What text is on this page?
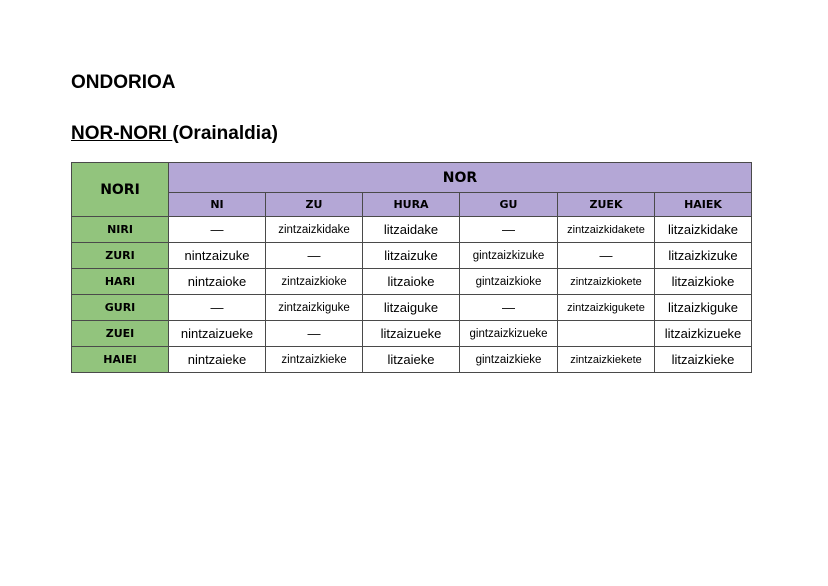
ONDORIOA
NOR-NORI (Orainaldia)
NORI	NOR					
	NI	ZU	HURA	GU	ZUEK	HAIEK
NIRI	—	zintzaizkidake	litzaidake	—	zintzaizkidakete	litzaizkidake
ZURI	nintzaizuke	—	litzaizuke	gintzaizkizuke	—	litzaizkizuke
HARI	nintzaioke	zintzaizkioke	litzaioke	gintzaizkioke	zintzaizkiokete	litzaizkioke
GURI	—	zintzaizkiguke	litzaiguke	—	zintzaizkigukete	litzaizkiguke
ZUEI	nintzaizueke	—	litzaizueke	gintzaizkizueke		litzaizkizueke
HAIEI	nintzaieke	zintzaizkieke	litzaieke	gintzaizkieke	zintzaizkiekete	litzaizkieke
